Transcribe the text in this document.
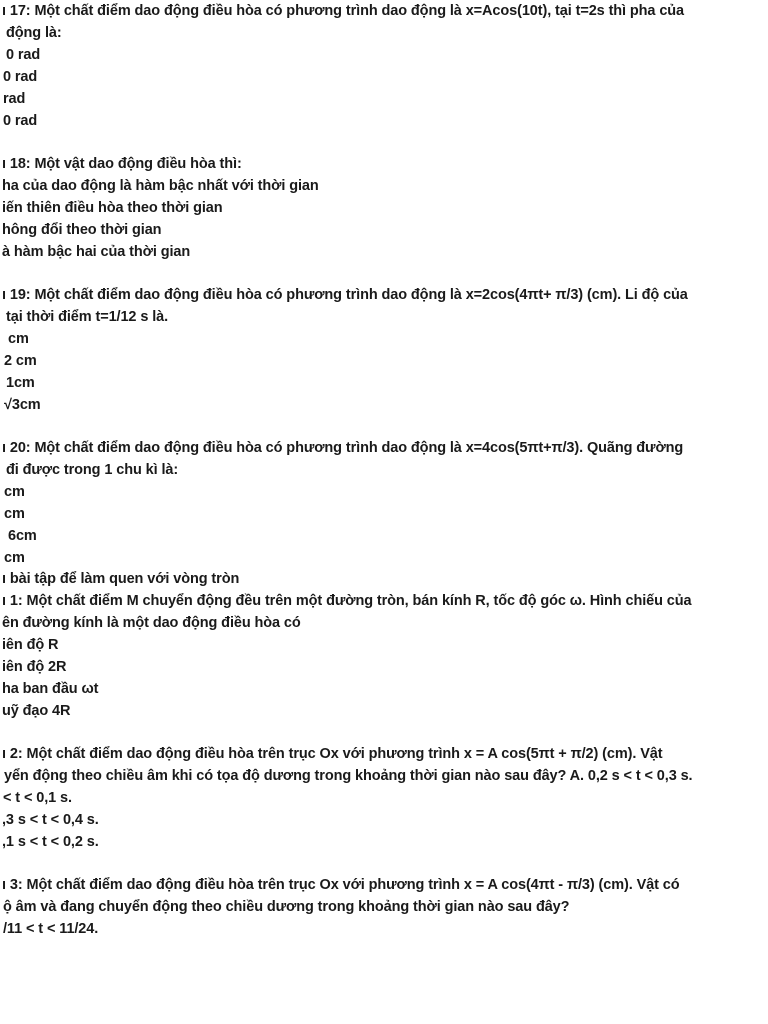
ı 17: Một chất điểm dao động điều hòa có phương trình dao động là x=Acos(10t), tại t=2s thì pha của
động là:
0 rad
0 rad
rad
0 rad
ı 18: Một vật dao động điều hòa thì:
ha của dao động là hàm bậc nhất với thời gian
iến thiên điều hòa theo thời gian
hông đổi theo thời gian
à hàm bậc hai của thời gian
ı 19: Một chất điểm dao động điều hòa có phương trình dao động là x=2cos(4πt+ π/3) (cm). Li độ của
tại thời điểm t=1/12 s là.
cm
2 cm
1cm
√3cm
ı 20: Một chất điểm dao động điều hòa có phương trình dao động là x=4cos(5πt+π/3). Quãng đường
đi được trong 1 chu kì là:
cm
cm
6cm
cm
ı bài tập để làm quen với vòng tròn
ı 1: Một chất điểm M chuyển động đều trên một đường tròn, bán kính R, tốc độ góc ω. Hình chiếu của
ên đường kính là một dao động điều hòa có
iên độ R
iên độ 2R
ha ban đầu ωt
uỹ đạo 4R
ı 2: Một chất điểm dao động điều hòa trên trục Ox với phương trình x = A cos(5πt + π/2) (cm). Vật
yển động theo chiều âm khi có tọa độ dương trong khoảng thời gian nào sau đây? A. 0,2 s < t < 0,3 s.
< t < 0,1 s.
,3 s < t < 0,4 s.
,1 s < t < 0,2 s.
ı 3: Một chất điểm dao động điều hòa trên trục Ox với phương trình x = A cos(4πt - π/3) (cm). Vật có
ộ âm và đang chuyển động theo chiều dương trong khoảng thời gian nào sau đây?
/11 < t < 11/24.
